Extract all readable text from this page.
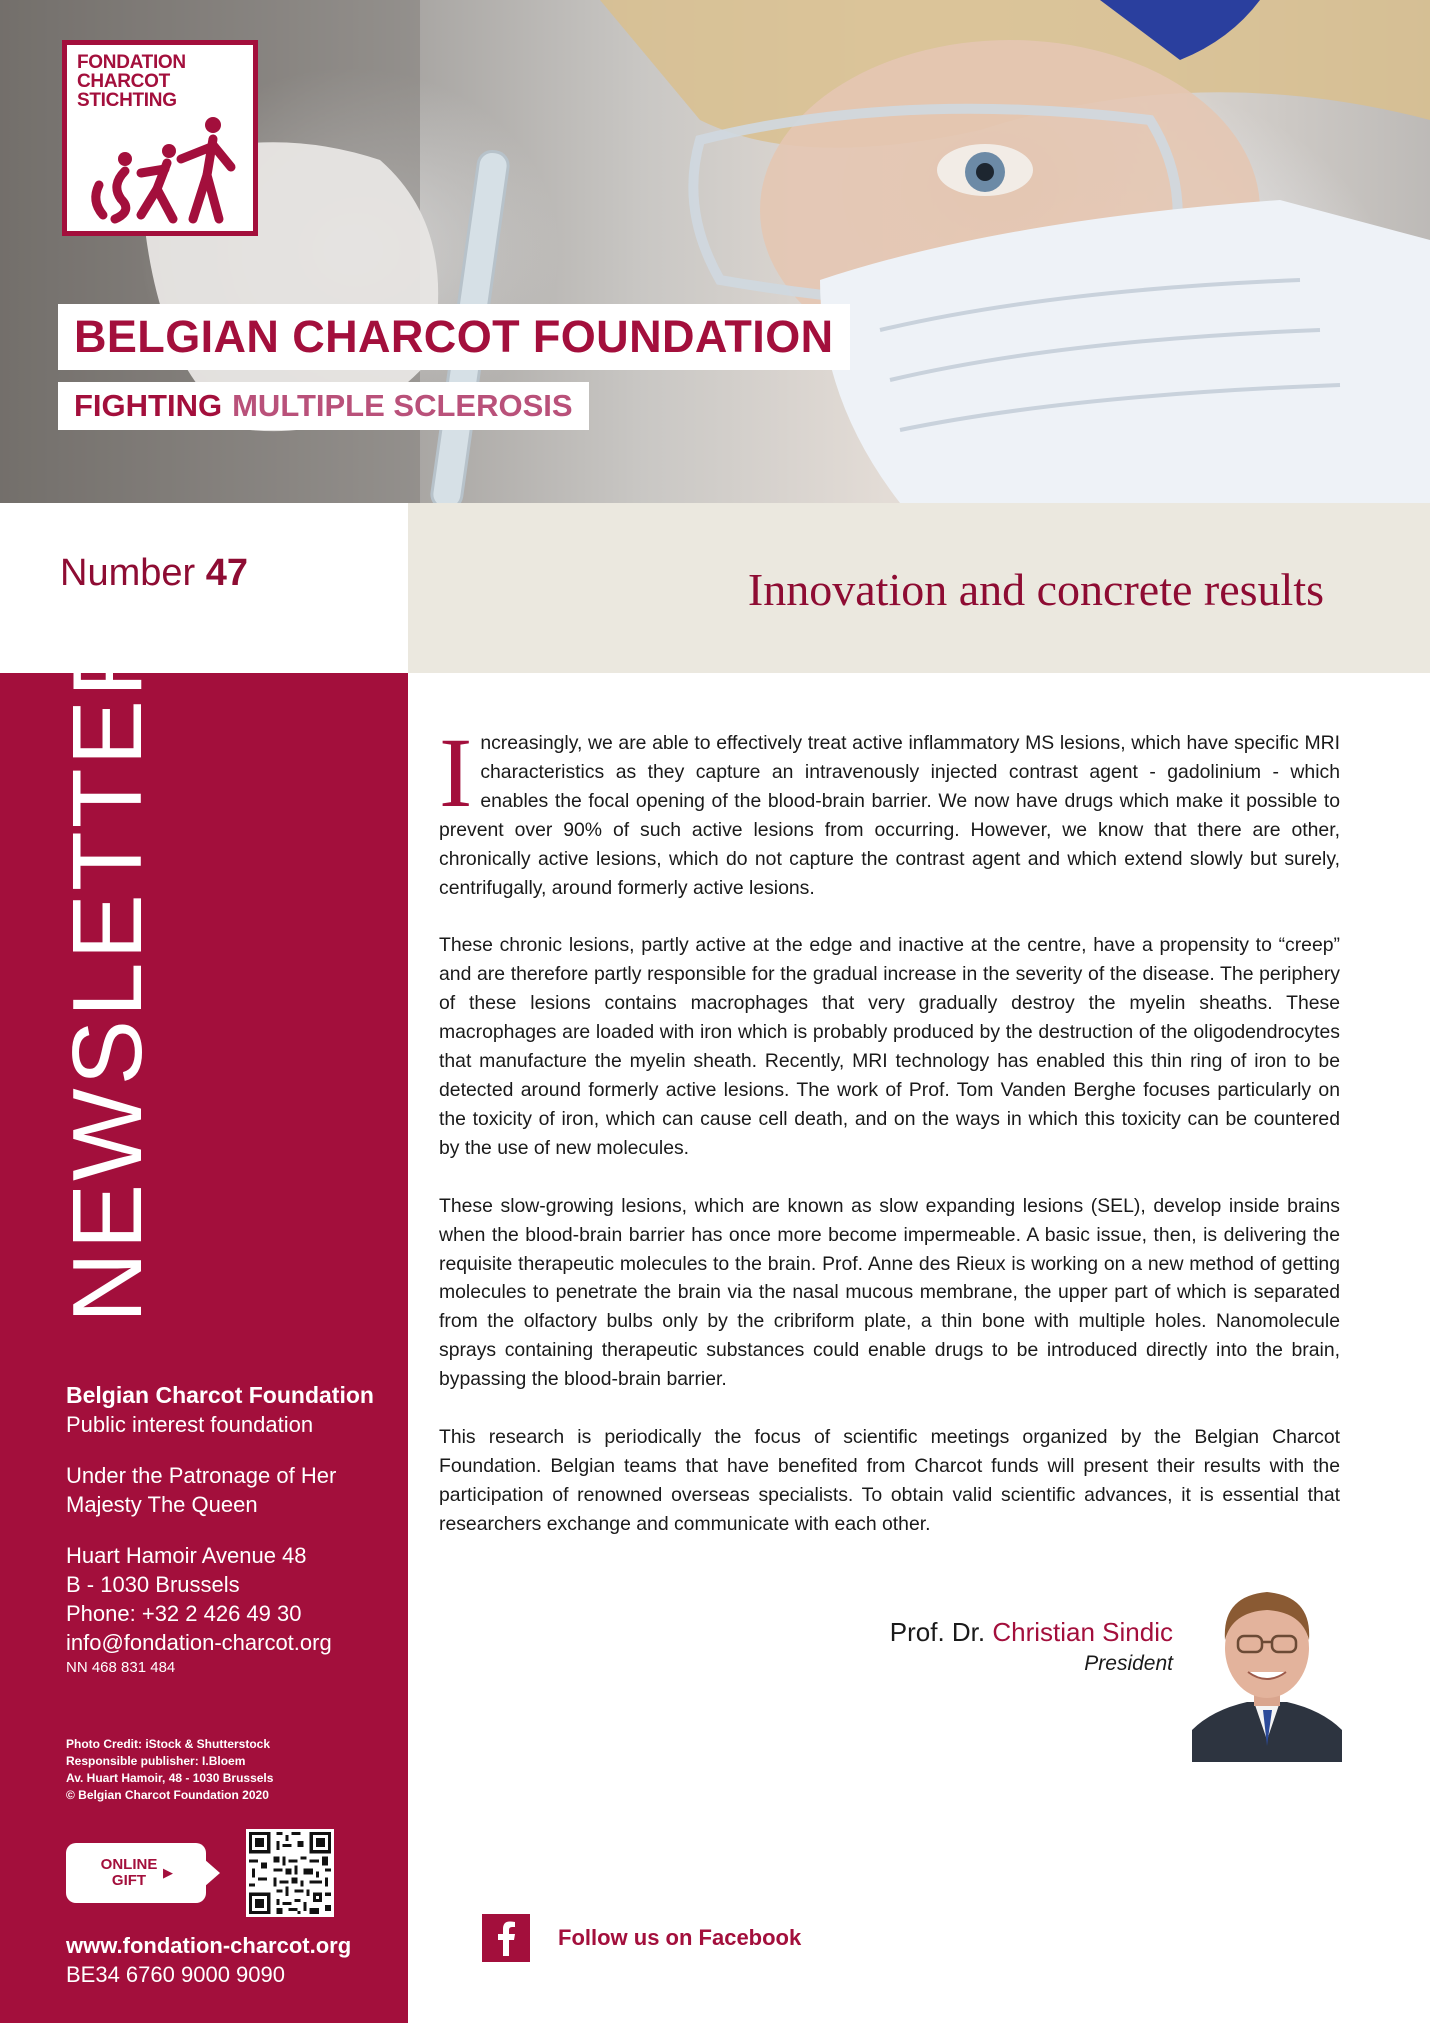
FONDATION
CHARCOT
STICHTING
BELGIAN CHARCOT FOUNDATION
FIGHTING MULTIPLE SCLEROSIS
Number 47	Innovation and concrete results
NEWSLETTER
Belgian Charcot Foundation
Public interest foundation
Under the Patronage of Her
Majesty The Queen
Huart Hamoir Avenue 48
B - 1030 Brussels
Phone: +32 2 426 49 30
info@fondation-charcot.org
NN 468 831 484
Photo Credit: iStock & Shutterstock
Responsible publisher: I.Bloem
Av. Huart Hamoir, 48 - 1030 Brussels
© Belgian Charcot Foundation 2020
ONLINE GIFT	▶
www.fondation-charcot.org
BE34 6760 9000 9090

Increasingly, we are able to effectively treat active inflammatory MS lesions, which have specific MRI characteristics as they capture an intravenously injected contrast agent - gadolinium - which enables the focal opening of the blood-brain barrier. We now have drugs which make it possible to prevent over 90% of such active lesions from occurring. However, we know that there are other, chronically active lesions, which do not capture the contrast agent and which extend slowly but surely, centrifugally, around formerly active lesions.

These chronic lesions, partly active at the edge and inactive at the centre, have a propensity to “creep” and are therefore partly responsible for the gradual increase in the severity of the disease. The periphery of these lesions contains macrophages that very gradually destroy the myelin sheaths. These macrophages are loaded with iron which is probably produced by the destruction of the oligodendrocytes that manufacture the myelin sheath. Recently, MRI technology has enabled this thin ring of iron to be detected around formerly active lesions. The work of Prof. Tom Vanden Berghe focuses particularly on the toxicity of iron, which can cause cell death, and on the ways in which this toxicity can be countered by the use of new molecules.

These slow-growing lesions, which are known as slow expanding lesions (SEL), develop inside brains when the blood-brain barrier has once more become impermeable. A basic issue, then, is delivering the requisite therapeutic molecules to the brain. Prof. Anne des Rieux is working on a new method of getting molecules to penetrate the brain via the nasal mucous membrane, the upper part of which is separated from the olfactory bulbs only by the cribriform plate, a thin bone with multiple holes. Nanomolecule sprays containing therapeutic substances could enable drugs to be introduced directly into the brain, bypassing the blood-brain barrier.

This research is periodically the focus of scientific meetings organized by the Belgian Charcot Foundation. Belgian teams that have benefited from Charcot funds will present their results with the participation of renowned overseas specialists. To obtain valid scientific advances, it is essential that researchers exchange and communicate with each other.

Prof. Dr. Christian Sindic
President
Follow us on Facebook
